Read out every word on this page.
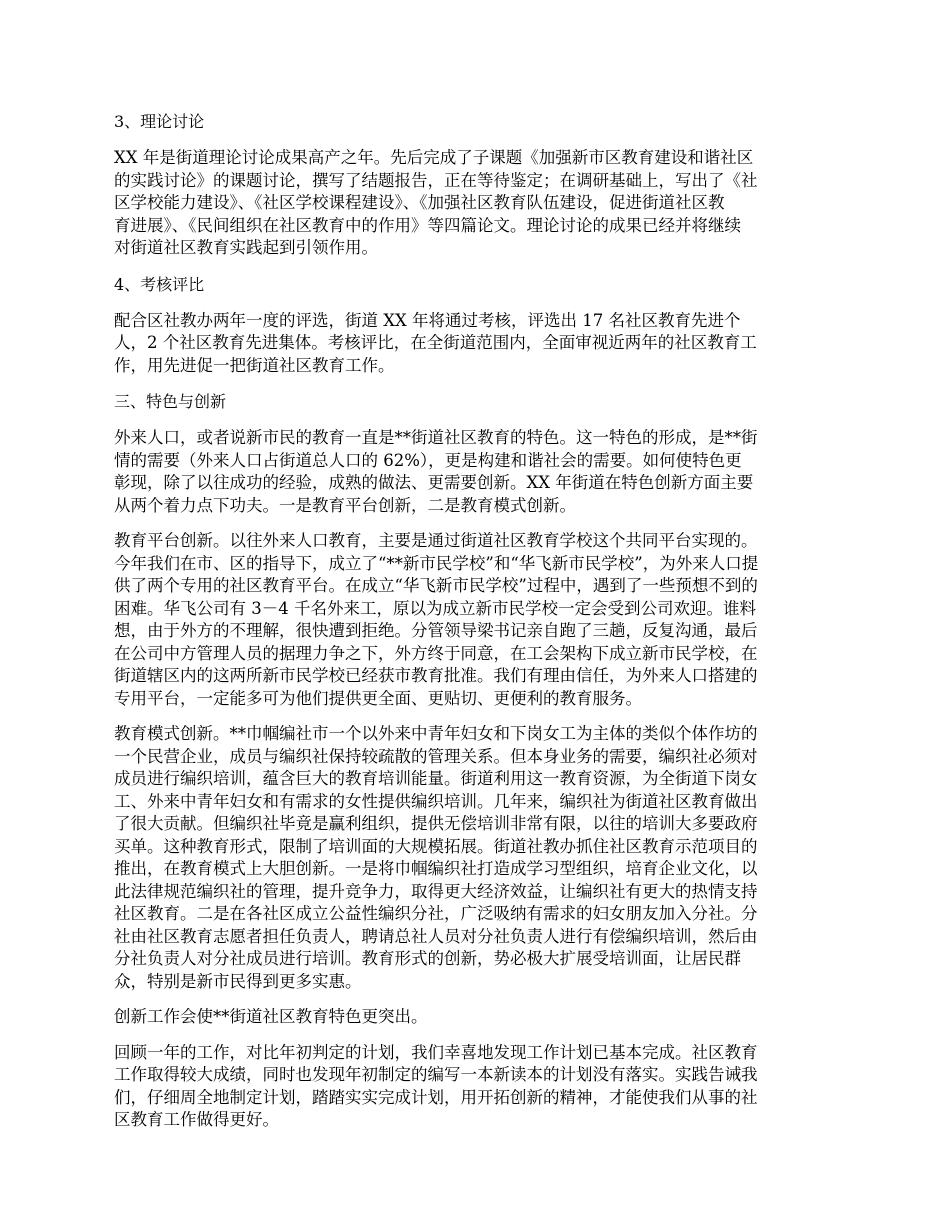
3、理论讨论
XX 年是街道理论讨论成果高产之年。先后完成了子课题《加强新市区教育建设和谐社区
的实践讨论》的课题讨论，撰写了结题报告，正在等待鉴定；在调研基础上，写出了《社
区学校能力建设》、《社区学校课程建设》、《加强社区教育队伍建设，促进街道社区教
育进展》、《民间组织在社区教育中的作用》等四篇论文。理论讨论的成果已经并将继续
对街道社区教育实践起到引领作用。
4、考核评比
配合区社教办两年一度的评选，街道 XX 年将通过考核，评选出 17 名社区教育先进个
人，2 个社区教育先进集体。考核评比，在全街道范围内，全面审视近两年的社区教育工
作，用先进促一把街道社区教育工作。
三、特色与创新
外来人口，或者说新市民的教育一直是**街道社区教育的特色。这一特色的形成，是**街
情的需要（外来人口占街道总人口的 62%），更是构建和谐社会的需要。如何使特色更
彰现，除了以往成功的经验，成熟的做法、更需要创新。XX 年街道在特色创新方面主要
从两个着力点下功夫。一是教育平台创新，二是教育模式创新。
教育平台创新。以往外来人口教育，主要是通过街道社区教育学校这个共同平台实现的。
今年我们在市、区的指导下，成立了“**新市民学校”和“华飞新市民学校”，为外来人口提
供了两个专用的社区教育平台。在成立“华飞新市民学校”过程中，遇到了一些预想不到的
困难。华飞公司有 3－4 千名外来工，原以为成立新市民学校一定会受到公司欢迎。谁料
想，由于外方的不理解，很快遭到拒绝。分管领导梁书记亲自跑了三趟，反复沟通，最后
在公司中方管理人员的据理力争之下，外方终于同意，在工会架构下成立新市民学校，在
街道辖区内的这两所新市民学校已经获市教育批准。我们有理由信任，为外来人口搭建的
专用平台，一定能多可为他们提供更全面、更贴切、更便利的教育服务。
教育模式创新。**巾帼编社市一个以外来中青年妇女和下岗女工为主体的类似个体作坊的
一个民营企业，成员与编织社保持较疏散的管理关系。但本身业务的需要，编织社必须对
成员进行编织培训，蕴含巨大的教育培训能量。街道利用这一教育资源，为全街道下岗女
工、外来中青年妇女和有需求的女性提供编织培训。几年来，编织社为街道社区教育做出
了很大贡献。但编织社毕竟是赢利组织，提供无偿培训非常有限，以往的培训大多要政府
买单。这种教育形式，限制了培训面的大规模拓展。街道社教办抓住社区教育示范项目的
推出，在教育模式上大胆创新。一是将巾帼编织社打造成学习型组织，培育企业文化，以
此法律规范编织社的管理，提升竞争力，取得更大经济效益，让编织社有更大的热情支持
社区教育。二是在各社区成立公益性编织分社，广泛吸纳有需求的妇女朋友加入分社。分
社由社区教育志愿者担任负责人，聘请总社人员对分社负责人进行有偿编织培训，然后由
分社负责人对分社成员进行培训。教育形式的创新，势必极大扩展受培训面，让居民群
众，特别是新市民得到更多实惠。
创新工作会使**街道社区教育特色更突出。
回顾一年的工作，对比年初判定的计划，我们幸喜地发现工作计划已基本完成。社区教育
工作取得较大成绩，同时也发现年初制定的编写一本新读本的计划没有落实。实践告诫我
们，仔细周全地制定计划，踏踏实实完成计划，用开拓创新的精神，才能使我们从事的社
区教育工作做得更好。
